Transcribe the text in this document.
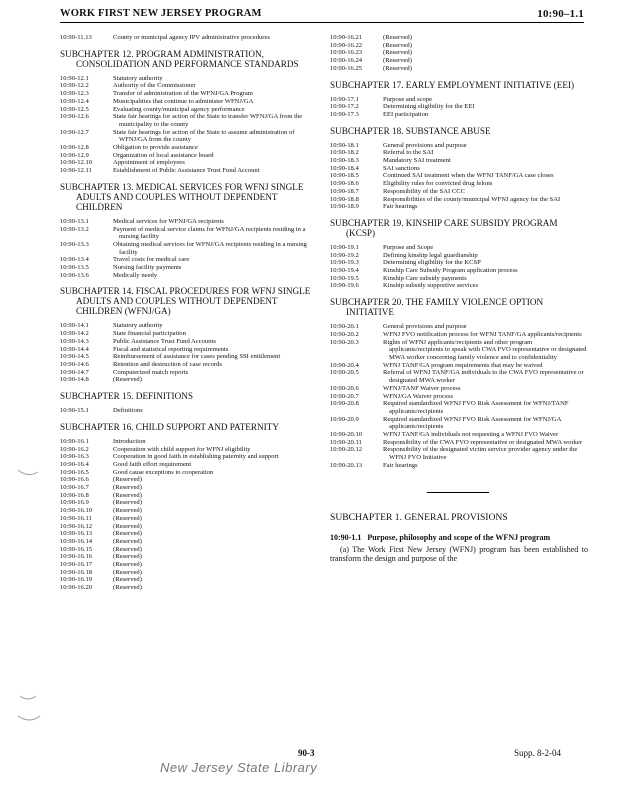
WORK FIRST NEW JERSEY PROGRAM	10:90–1.1
10:90-11.13	County or municipal agency IPV administrative procedures
SUBCHAPTER 12. PROGRAM ADMINISTRATION, CONSOLIDATION AND PERFORMANCE STANDARDS
10:90-12.1	Statutory authority
10:90-12.2	Authority of the Commissioner
10:90-12.3	Transfer of administration of the WFNJ/GA Program
10:90-12.4	Municipalities that continue to administer WFNJ/GA
10:90-12.5	Evaluating county/municipal agency performance
10:90-12.6	State fair hearings for action of the State to transfer WFNJ/GA from the municipality to the county
10:90-12.7	State fair hearings for action of the State to assume administration of WFNJ/GA from the county
10:90-12.8	Obligation to provide assistance
10:90-12.9	Organization of local assistance board
10:90-12.10	Appointment of employees
10:90-12.11	Establishment of Public Assistance Trust Fund Account
SUBCHAPTER 13. MEDICAL SERVICES FOR WFNJ SINGLE ADULTS AND COUPLES WITHOUT DEPENDENT CHILDREN
10:90-13.1	Medical services for WFNJ/GA recipients
10:90-13.2	Payment of medical service claims for WFNJ/GA recipients residing in a nursing facility
10:90-13.3	Obtaining medical services for WFNJ/GA recipients residing in a nursing facility
10:90-13.4	Travel costs for medical care
10:90-13.5	Nursing facility payments
10:90-13.6	Medically needy
SUBCHAPTER 14. FISCAL PROCEDURES FOR WFNJ SINGLE ADULTS AND COUPLES WITHOUT DEPENDENT CHILDREN (WFNJ/GA)
10:90-14.1	Statutory authority
10:90-14.2	State financial participation
10:90-14.3	Public Assistance Trust Fund Accounts
10:90-14.4	Fiscal and statistical reporting requirements
10:90-14.5	Reimbursement of assistance for cases pending SSI entitlement
10:90-14.6	Retention and destruction of case records
10:90-14.7	Computerized match reports
10:90-14.8	(Reserved)
SUBCHAPTER 15. DEFINITIONS
10:90-15.1	Definitions
SUBCHAPTER 16. CHILD SUPPORT AND PATERNITY
10:90-16.1	Introduction
10:90-16.2	Cooperation with child support for WFNJ eligibility
10:90-16.3	Cooperation in good faith in establishing paternity and support
10:90-16.4	Good faith effort requirement
10:90-16.5	Good cause exceptions to cooperation
10:90-16.6	(Reserved)
10:90-16.7	(Reserved)
10:90-16.8	(Reserved)
10:90-16.9	(Reserved)
10:90-16.10	(Reserved)
10:90-16.11	(Reserved)
10:90-16.12	(Reserved)
10:90-16.13	(Reserved)
10:90-16.14	(Reserved)
10:90-16.15	(Reserved)
10:90-16.16	(Reserved)
10:90-16.17	(Reserved)
10:90-16.18	(Reserved)
10:90-16.19	(Reserved)
10:90-16.20	(Reserved)
10:90-16.21	(Reserved)
10:90-16.22	(Reserved)
10:90-16.23	(Reserved)
10:90-16.24	(Reserved)
10:90-16.25	(Reserved)
SUBCHAPTER 17. EARLY EMPLOYMENT INITIATIVE (EEI)
10:90-17.1	Purpose and scope
10:90-17.2	Determining eligibility for the EEI
10:90-17.3	EEI participation
SUBCHAPTER 18. SUBSTANCE ABUSE
10:90-18.1	General provisions and purpose
10:90-18.2	Referral to the SAI
10:90-18.3	Mandatory SAI treatment
10:90-18.4	SAI sanctions
10:90-18.5	Continued SAI treatment when the WFNJ TANF/GA case closes
10:90-18.6	Eligibility rules for convicted drug felons
10:90-18.7	Responsibility of the SAI CCC
10:90-18.8	Responsibilities of the county/municipal WFNJ agency for the SAI
10:90-18.9	Fair hearings
SUBCHAPTER 19. KINSHIP CARE SUBSIDY PROGRAM (KCSP)
10:90-19.1	Purpose and Scope
10:90-19.2	Defining kinship legal guardianship
10:90-19.3	Determining eligibility for the KCSP
10:90-19.4	Kinship Care Subsidy Program application process
10:90-19.5	Kinship Care subsidy payments
10:90-19.6	Kinship subsidy supportive services
SUBCHAPTER 20. THE FAMILY VIOLENCE OPTION INITIATIVE
10:90-20.1	General provisions and purpose
10:90-20.2	WFNJ FVO notification process for WFNJ TANF/GA applicants/recipients
10:90-20.3	Rights of WFNJ applicants/recipients and other program applicants/recipients to speak with CWA FVO representative or designated MWA worker concerning family violence and to confidentiality
10:90-20.4	WFNJ TANF/GA program requirements that may be waived
10:90-20.5	Referral of WFNJ TANF/GA individuals to the CWA FVO representative or designated MWA worker
10:90-20.6	WFNJ/TANF Waiver process
10:90-20.7	WFNJ/GA Waiver process
10:90-20.8	Required standardized WFNJ FVO Risk Assessment for WFNJ/TANF applicants/recipients
10:90-20.9	Required standardized WFNJ FVO Risk Assessment for WFNJ/GA applicants/recipients
10:90-20.10	WFNJ TANF/GA individuals not requesting a WFNJ FVO Waiver
10:90-20.11	Responsibility of the CWA FVO representative or designated MWA worker
10:90-20.12	Responsibility of the designated victim service provider agency under the WFNJ FVO Initiative
10:90-20.13	Fair hearings
SUBCHAPTER 1. GENERAL PROVISIONS
10:90-1.1 Purpose, philosophy and scope of the WFNJ program
(a) The Work First New Jersey (WFNJ) program has been established to transform the design and purpose of the
90-3	Supp. 8-2-04
New Jersey State Library
